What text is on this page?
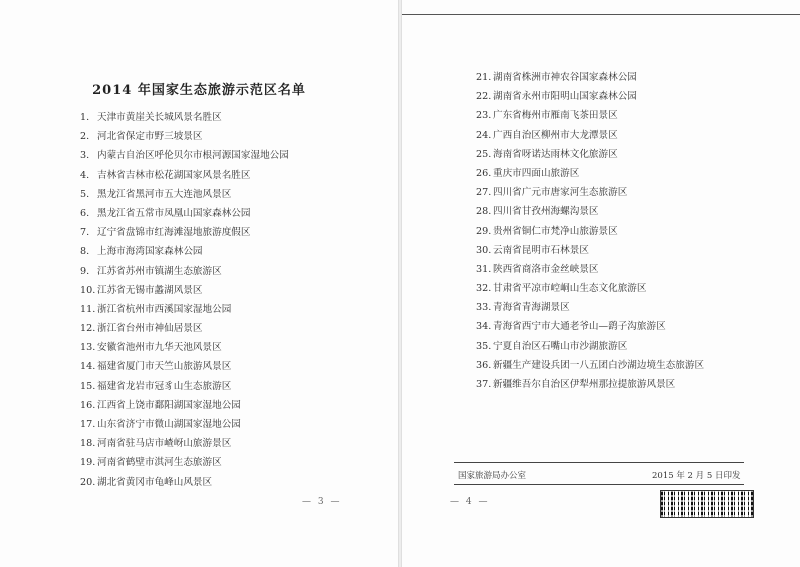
2014 年国家生态旅游示范区名单
1. 天津市黄崖关长城风景名胜区
2. 河北省保定市野三坡景区
3. 内蒙古自治区呼伦贝尔市根河源国家湿地公园
4. 吉林省吉林市松花湖国家风景名胜区
5. 黑龙江省黑河市五大连池风景区
6. 黑龙江省五常市凤凰山国家森林公园
7. 辽宁省盘锦市红海滩湿地旅游度假区
8. 上海市海湾国家森林公园
9. 江苏省苏州市镇湖生态旅游区
10. 江苏省无锡市蠡湖风景区
11. 浙江省杭州市西溪国家湿地公园
12. 浙江省台州市神仙居景区
13. 安徽省池州市九华天池风景区
14. 福建省厦门市天竺山旅游风景区
15. 福建省龙岩市冠豸山生态旅游区
16. 江西省上饶市鄱阳湖国家湿地公园
17. 山东省济宁市微山湖国家湿地公园
18. 河南省驻马店市嵖岈山旅游景区
19. 河南省鹤壁市淇河生态旅游区
20. 湖北省黄冈市龟峰山风景区
— 3 —
21. 湖南省株洲市神农谷国家森林公园
22. 湖南省永州市阳明山国家森林公园
23. 广东省梅州市雁南飞茶田景区
24. 广西自治区柳州市大龙潭景区
25. 海南省呀诺达雨林文化旅游区
26. 重庆市四面山旅游区
27. 四川省广元市唐家河生态旅游区
28. 四川省甘孜州海螺沟景区
29. 贵州省铜仁市梵净山旅游景区
30. 云南省昆明市石林景区
31. 陕西省商洛市金丝峡景区
32. 甘肃省平凉市崆峒山生态文化旅游区
33. 青海省青海湖景区
34. 青海省西宁市大通老爷山—鹞子沟旅游区
35. 宁夏自治区石嘴山市沙湖旅游区
36. 新疆生产建设兵团一八五团白沙湖边境生态旅游区
37. 新疆维吾尔自治区伊犁州那拉提旅游风景区
国家旅游局办公室	2015 年 2 月 5 日印发
— 4 —
